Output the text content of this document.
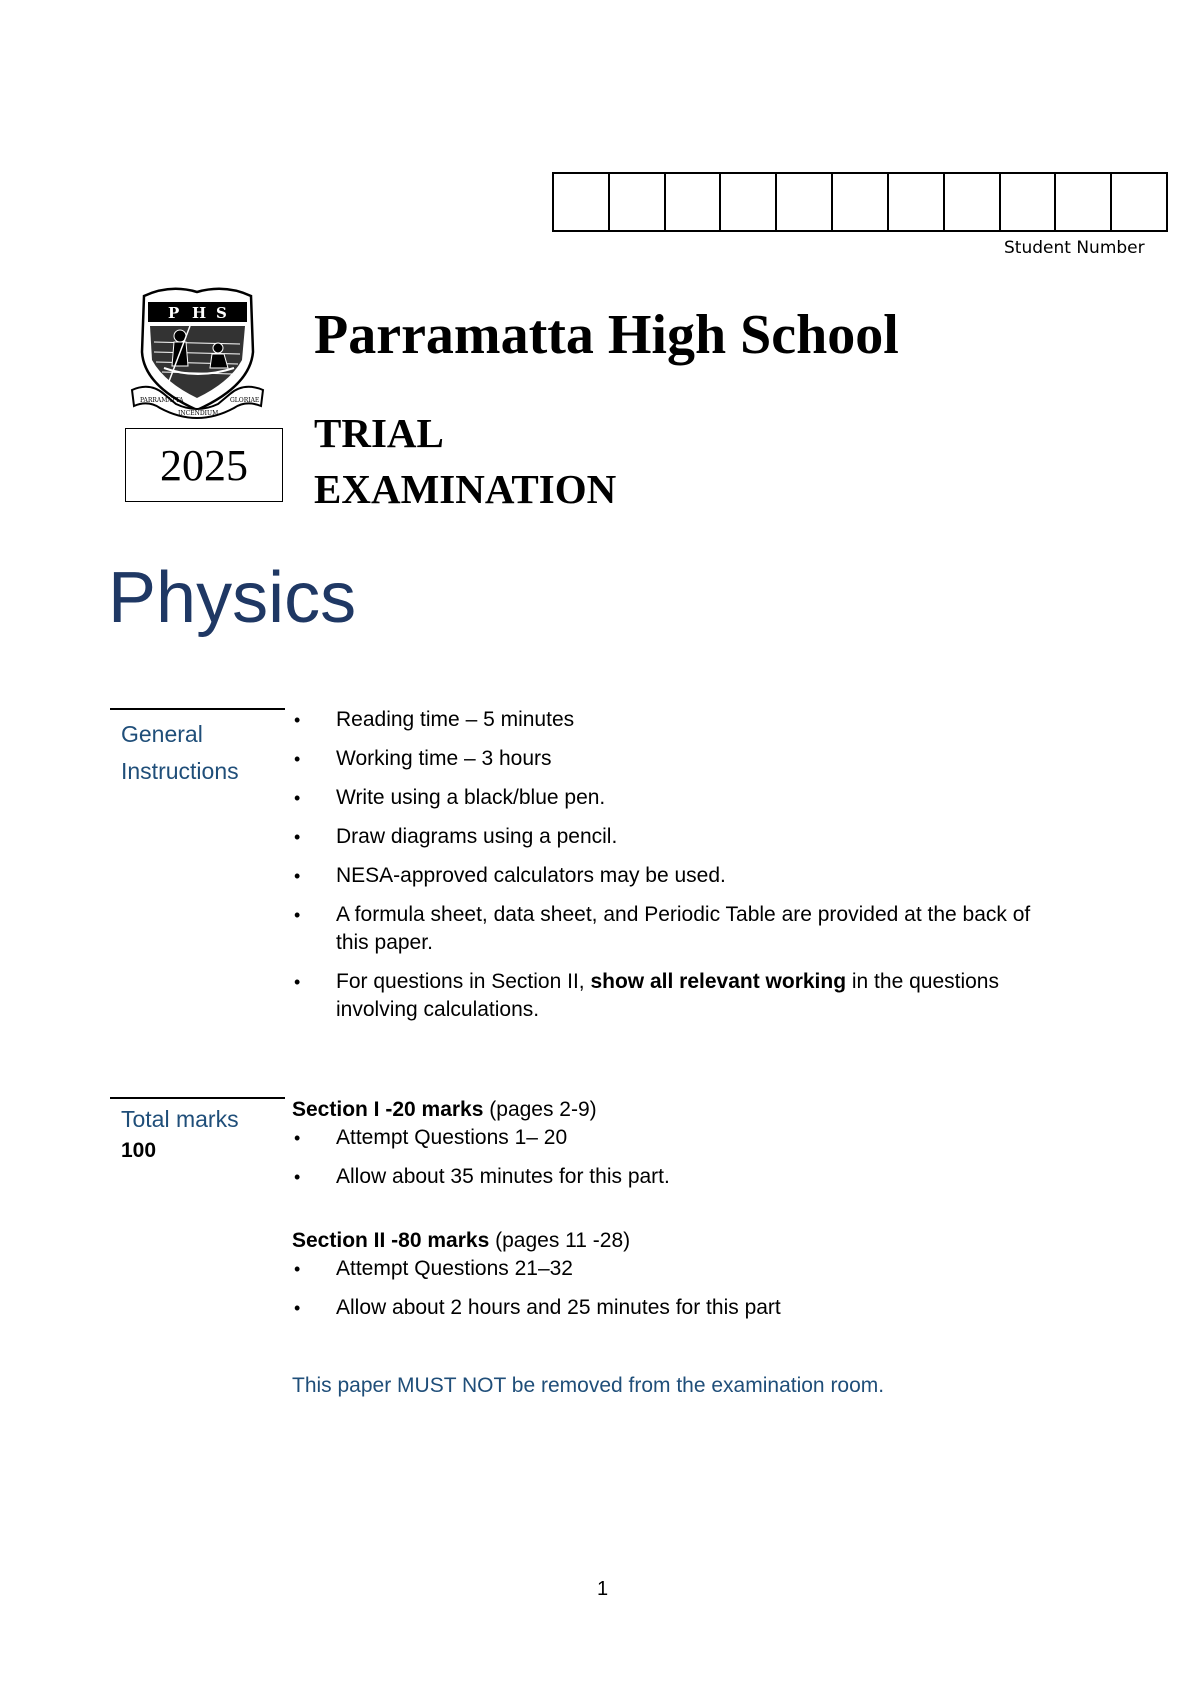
Student Number
P H S
PARRAMATTA
INCENDIUM
GLORIAE
2025
Parramatta High School
TRIAL
EXAMINATION
Physics
General
Instructions
• Reading time – 5 minutes
• Working time – 3 hours
• Write using a black/blue pen.
• Draw diagrams using a pencil.
• NESA-approved calculators may be used.
• A formula sheet, data sheet, and Periodic Table are provided at the back of this paper.
• For questions in Section II, show all relevant working in the questions involving calculations.
Total marks
100
Section I -20 marks (pages 2-9)
• Attempt Questions 1– 20
• Allow about 35 minutes for this part.
Section II -80 marks (pages 11 -28)
• Attempt Questions 21–32
• Allow about 2 hours and 25 minutes for this part
This paper MUST NOT be removed from the examination room.
1
